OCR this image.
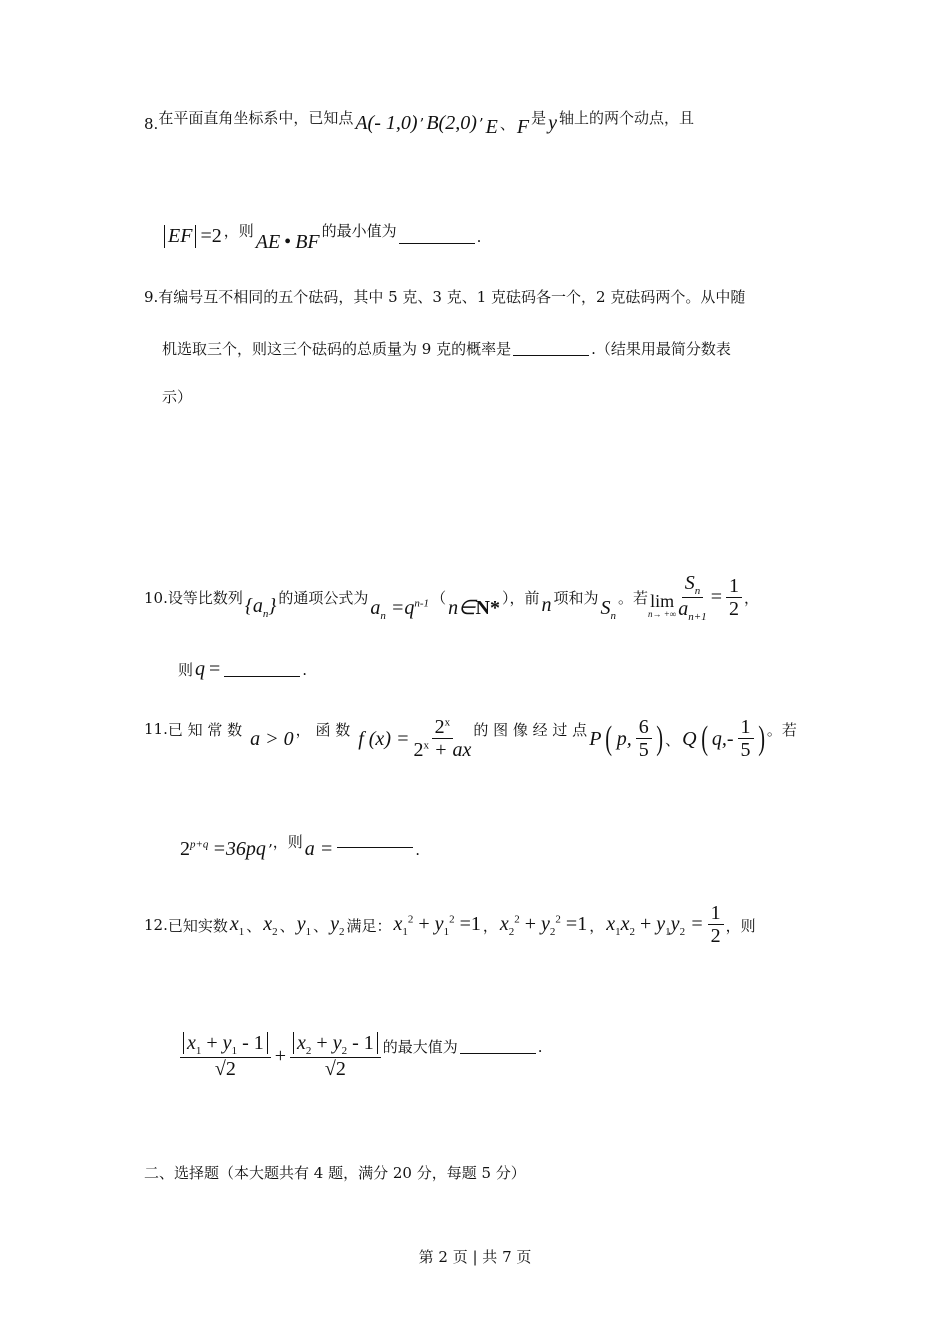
8. 在平面直角坐标系中，已知点 A(- 1,0) ’ B(2,0) ’ E 、 F 是 y 轴上的两个动点，且
EF =2 ，则 AE • BF 的最小值为	.
9.有编号互不相同的五个砝码，其中 5 克、3 克、1 克砝码各一个，2 克砝码两个。从中随
机选取三个，则这三个砝码的总质量为 9 克的概率是	.（结果用最简分数表
示）
10. 设等比数列 $\{a_n\}$ 的通项公式为 $a_n =q^{n-1}$ （ n∈N* ），前 n 项和为 $S_n$
。若 lim
n→ +∞ $\frac{S_n}{a_{n+1}} = \frac{1}{2}$ ，
则 q =	.
11. 已 知 常 数 a > 0 ， 函 数 f $(x) = \frac{2^x}{2^x + ax}$ 的 图 像 经 过 点 P ( p, $\frac{6}{5}$ ) 、 Q ( $q,- \frac{1}{5}$ ) 。若
$2^{p+q} =36pq$ ’ ，则 a =	.
12. 已知实数 $x_1$ 、 $x_2$ 、 $y_1$ 、 $y_2$ 满足： $x_1^2 + y_1^2 =1$ ， $x_2^2 + y_2^2 =1$ ， $x_1x_2 + y_1y_2 = \frac{1}{2}$ ，则
$\frac{x_1 + y_1 - 1}{√2} + \frac{x_2 + y_2 - 1}{√2}$ 的最大值为	.
二、选择题（本大题共有 4 题，满分 20 分，每题 5 分）
第 2 页 | 共 7 页
